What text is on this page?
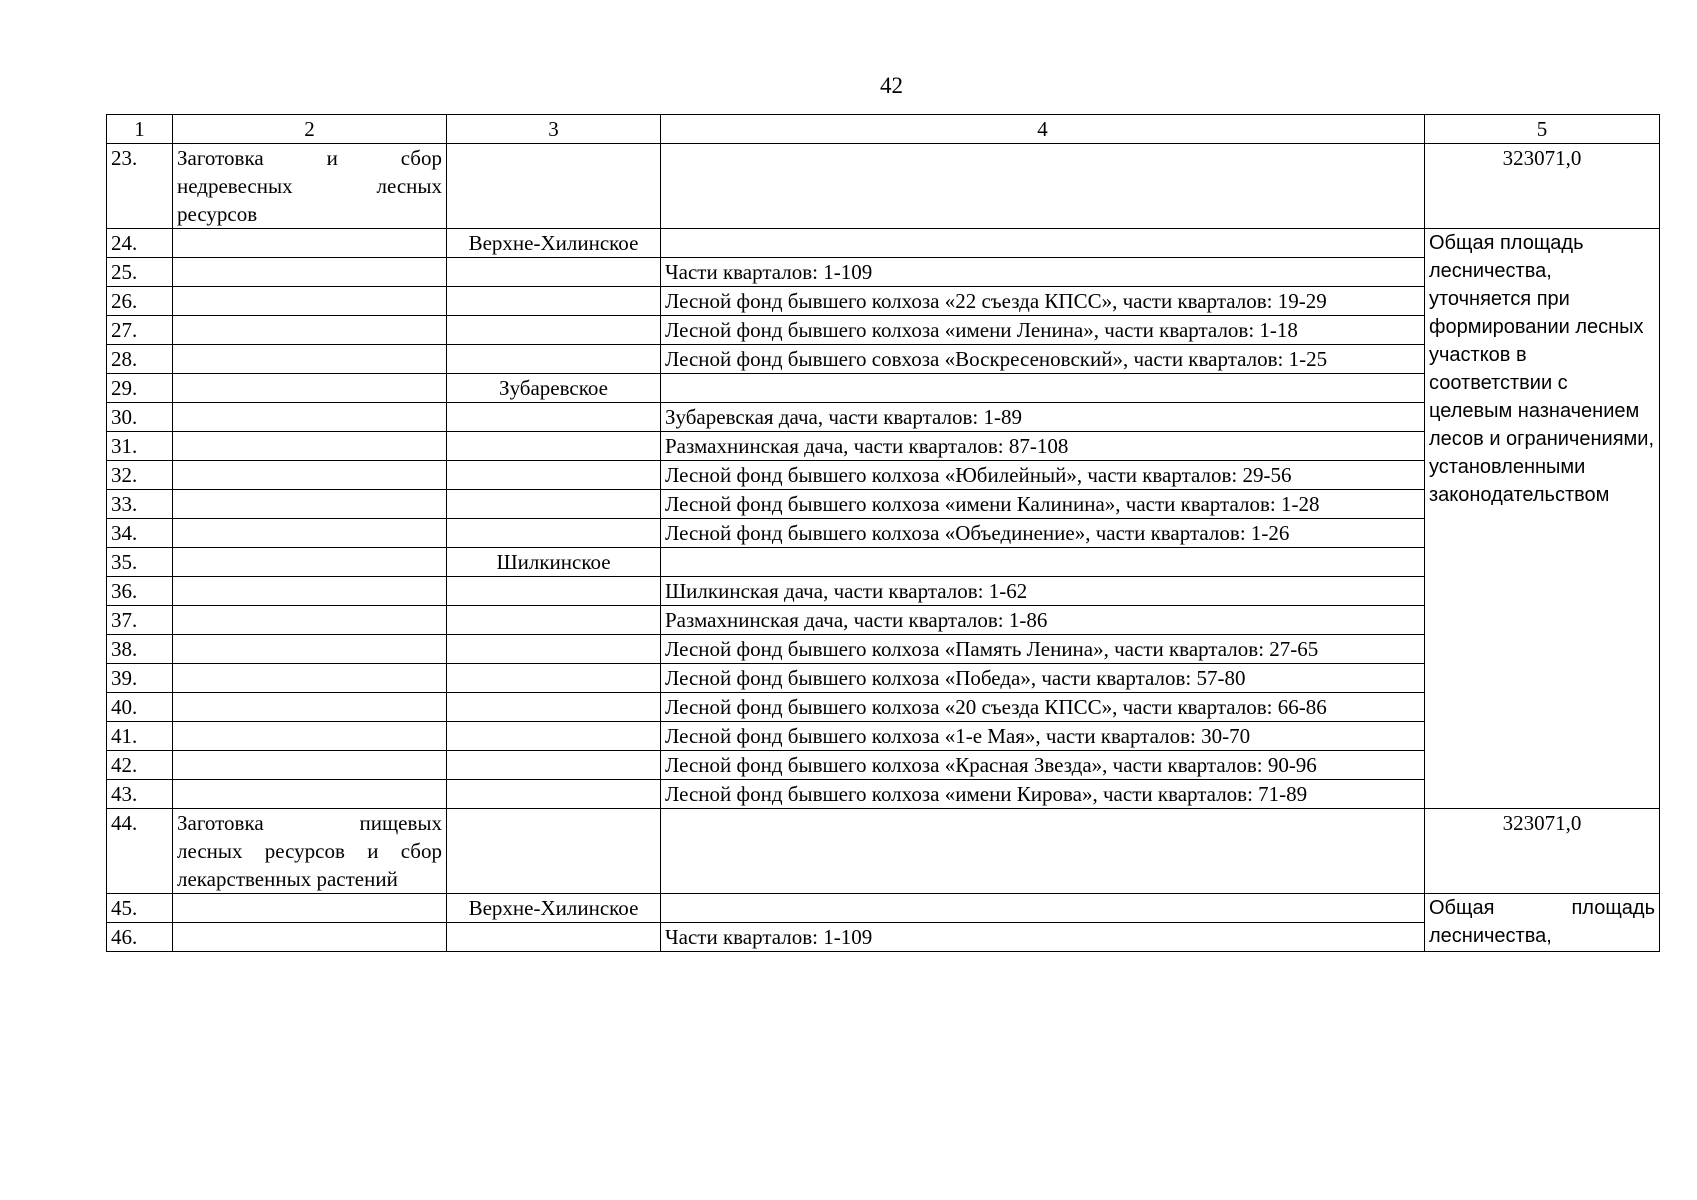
42
1	2	3	4	5
23.	Заготовка и сбор
недревесных лесных
ресурсов			323071,0
24.		Верхне-Хилинское		Общая площадь лесничества, уточняется при формировании лесных участков в соответствии с целевым назначением лесов и ограничениями, установленными законодательством
25.			Части кварталов: 1-109	
26.			Лесной фонд бывшего колхоза «22 съезда КПСС», части кварталов: 19-29	
27.			Лесной фонд бывшего колхоза «имени Ленина», части кварталов: 1-18	
28.			Лесной фонд бывшего совхоза «Воскресеновский», части кварталов: 1-25	
29.		Зубаревское		
30.			Зубаревская дача, части кварталов: 1-89	
31.			Размахнинская дача, части кварталов: 87-108	
32.			Лесной фонд бывшего колхоза «Юбилейный», части кварталов: 29-56	
33.			Лесной фонд бывшего колхоза «имени Калинина», части кварталов: 1-28	
34.			Лесной фонд бывшего колхоза «Объединение», части кварталов: 1-26	
35.		Шилкинское		
36.			Шилкинская дача, части кварталов: 1-62	
37.			Размахнинская дача, части кварталов: 1-86	
38.			Лесной фонд бывшего колхоза «Память Ленина», части кварталов: 27-65	
39.			Лесной фонд бывшего колхоза «Победа», части кварталов: 57-80	
40.			Лесной фонд бывшего колхоза «20 съезда КПСС», части кварталов: 66-86	
41.			Лесной фонд бывшего колхоза «1-е Мая», части кварталов: 30-70	
42.			Лесной фонд бывшего колхоза «Красная Звезда», части кварталов: 90-96	
43.			Лесной фонд бывшего колхоза «имени Кирова», части кварталов: 71-89	
44.	Заготовка пищевых
лесных ресурсов и сбор
лекарственных растений			323071,0
45.		Верхне-Хилинское		Общая площадь
лесничества,

46.			Части кварталов: 1-109	
